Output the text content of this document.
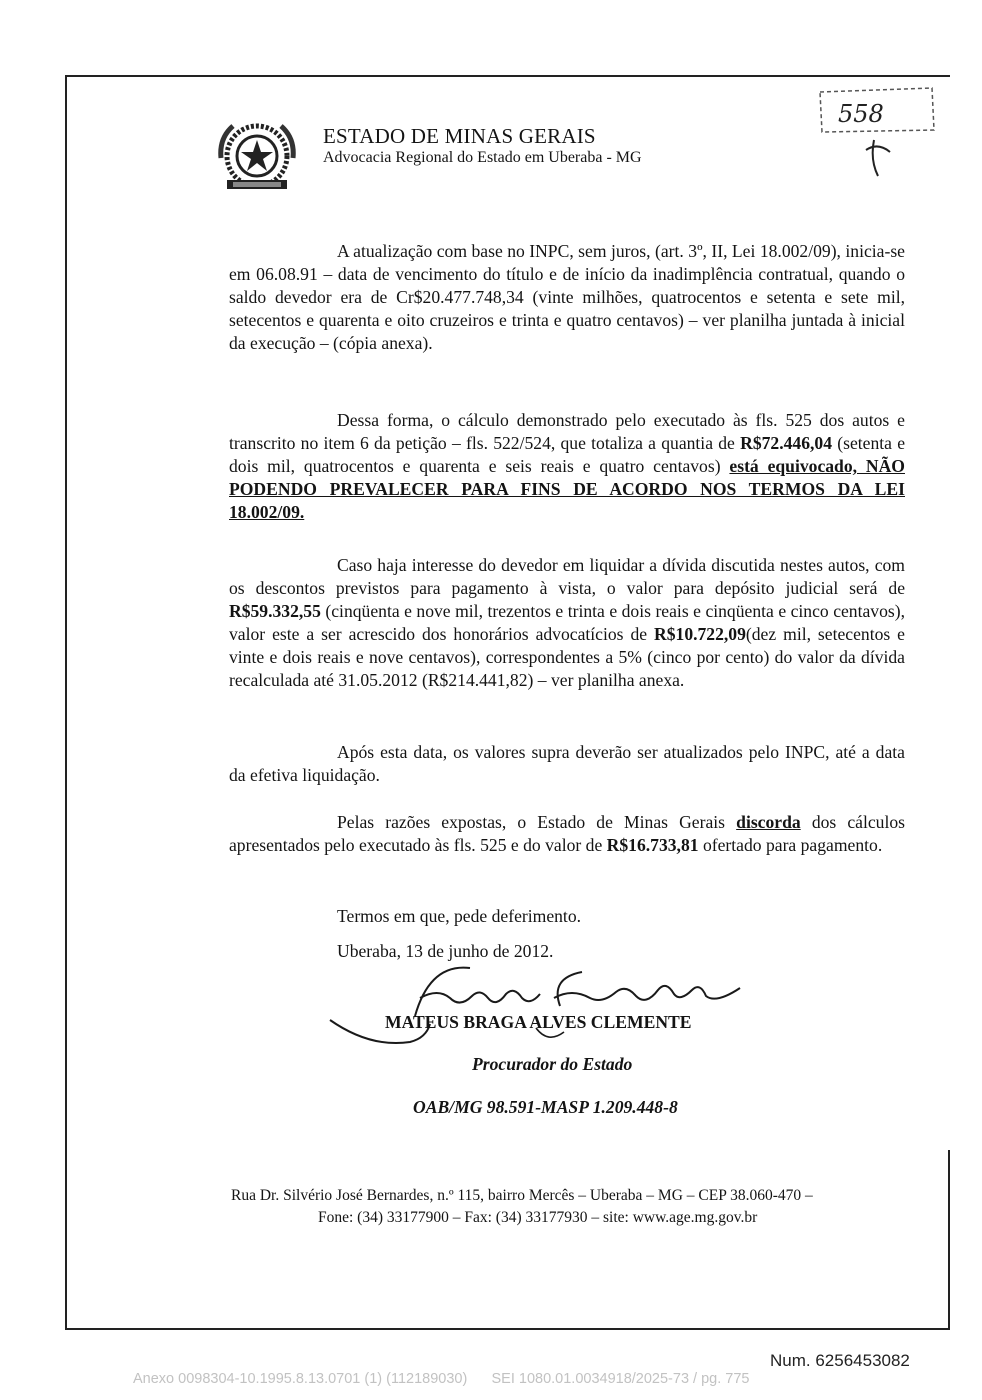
ESTADO DE MINAS GERAIS
Advocacia Regional do Estado em Uberaba - MG
558

A atualização com base no INPC, sem juros, (art. 3º, II, Lei 18.002/09), inicia-se em 06.08.91 – data de vencimento do título e de início da inadimplência contratual, quando o saldo devedor era de Cr$20.477.748,34 (vinte milhões, quatrocentos e setenta e sete mil, setecentos e quarenta e oito cruzeiros e trinta e quatro centavos) – ver planilha juntada à inicial da execução – (cópia anexa).

Dessa forma, o cálculo demonstrado pelo executado às fls. 525 dos autos e transcrito no item 6 da petição – fls. 522/524, que totaliza a quantia de R$72.446,04 (setenta e dois mil, quatrocentos e quarenta e seis reais e quatro centavos) está equivocado, NÃO PODENDO PREVALECER PARA FINS DE ACORDO NOS TERMOS DA LEI 18.002/09.

Caso haja interesse do devedor em liquidar a dívida discutida nestes autos, com os descontos previstos para pagamento à vista, o valor para depósito judicial será de R$59.332,55 (cinqüenta e nove mil, trezentos e trinta e dois reais e cinqüenta e cinco centavos), valor este a ser acrescido dos honorários advocatícios de R$10.722,09(dez mil, setecentos e vinte e dois reais e nove centavos), correspondentes a 5% (cinco por cento) do valor da dívida recalculada até 31.05.2012 (R$214.441,82) – ver planilha anexa.

Após esta data, os valores supra deverão ser atualizados pelo INPC, até a data da efetiva liquidação.

Pelas razões expostas, o Estado de Minas Gerais discorda dos cálculos apresentados pelo executado às fls. 525 e do valor de R$16.733,81 ofertado para pagamento.

Termos em que, pede deferimento.
Uberaba, 13 de junho de 2012.
MATEUS BRAGA ALVES CLEMENTE
Procurador do Estado
OAB/MG 98.591-MASP 1.209.448-8
Rua Dr. Silvério José Bernardes, n.º 115, bairro Mercês – Uberaba – MG – CEP 38.060-470 –
Fone: (34) 33177900 – Fax: (34) 33177930 – site: www.age.mg.gov.br
Num. 6256453082
Anexo 0098304-10.1995.8.13.0701 (1) (112189030)      SEI 1080.01.0034918/2025-73 / pg. 775
